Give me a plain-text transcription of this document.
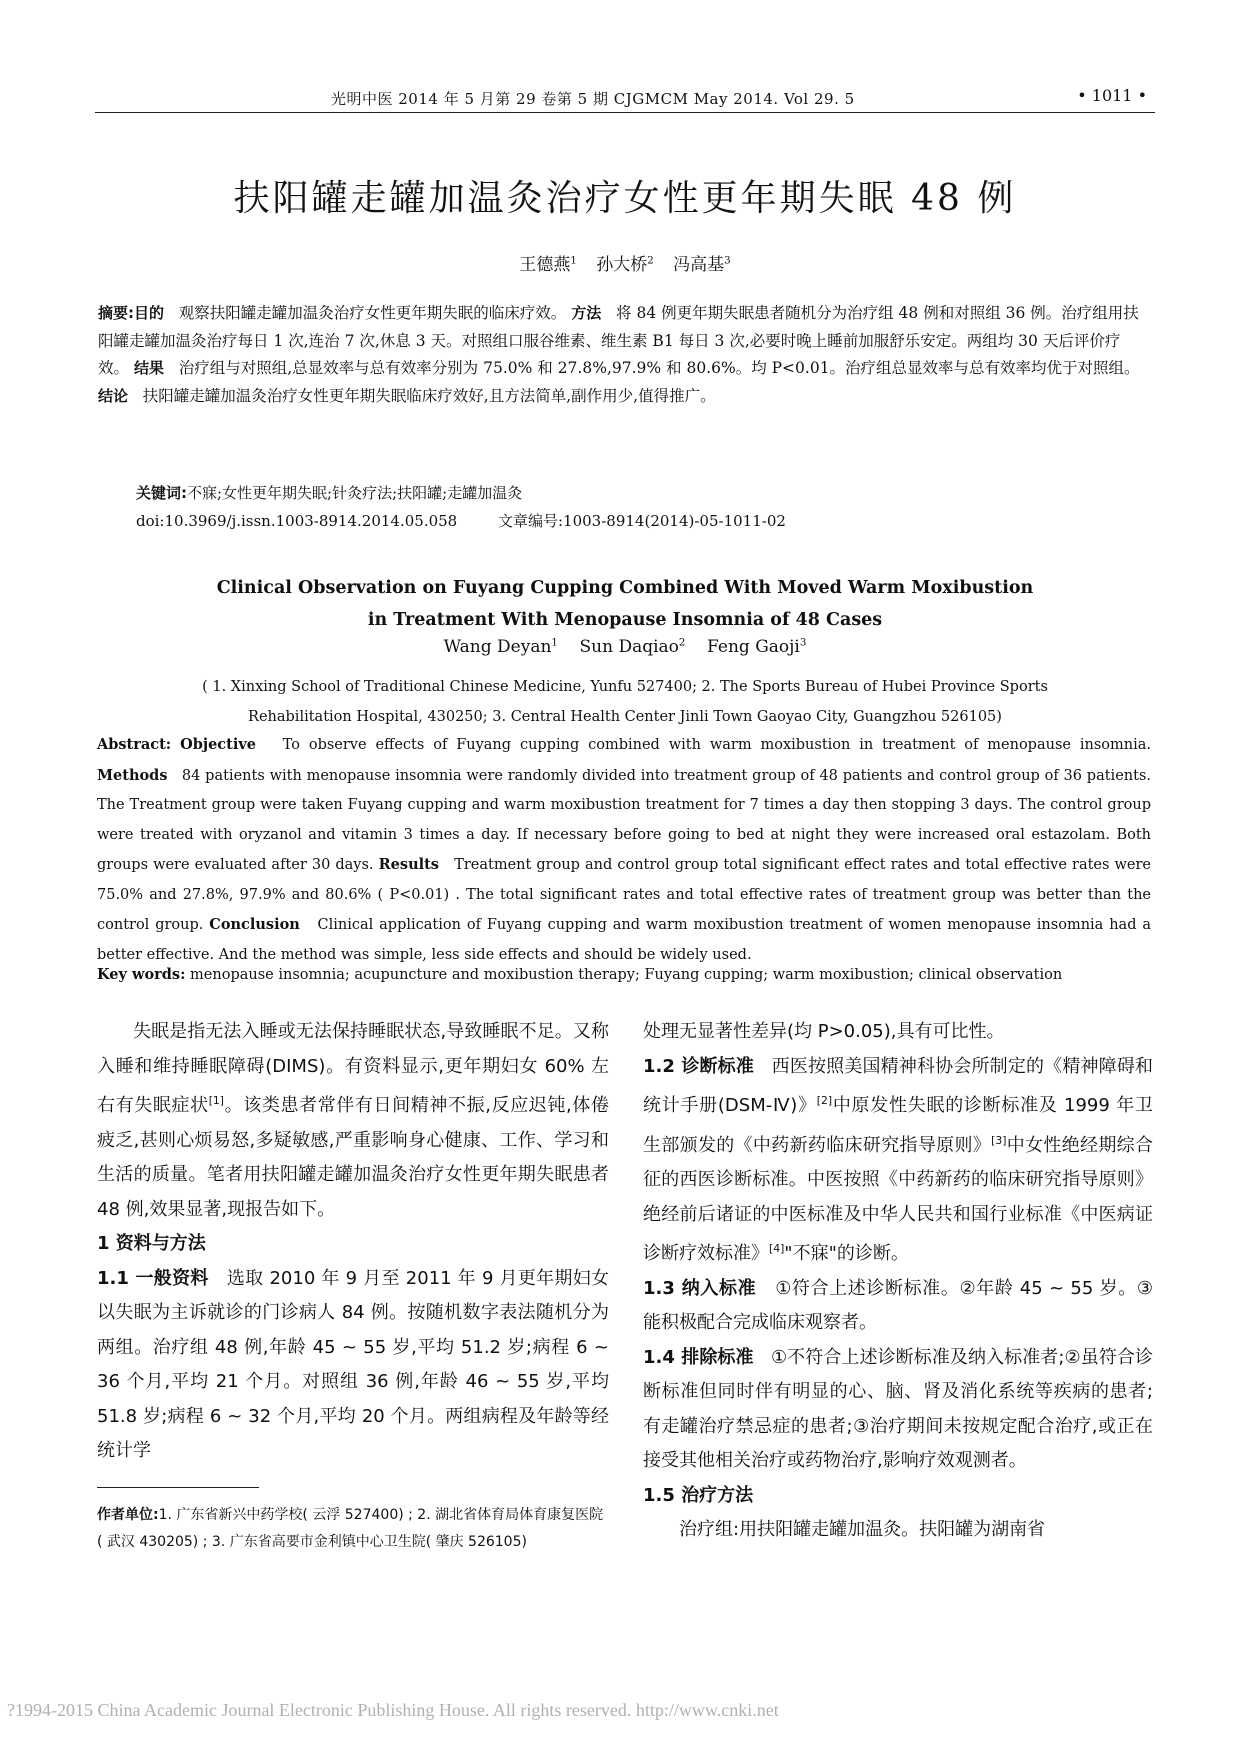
光明中医 2014 年 5 月第 29 卷第 5 期 CJGMCM May 2014. Vol 29. 5	• 1011 •
扶阳罐走罐加温灸治疗女性更年期失眠 48 例
王德燕$^1$ 孙大桥$^2$ 冯高基$^3$
摘要:目的 观察扶阳罐走罐加温灸治疗女性更年期失眠的临床疗效。 方法 将 84 例更年期失眠患者随机分为治疗组 48 例和对照组 36 例。治疗组用扶阳罐走罐加温灸治疗每日 1 次,连治 7 次,休息 3 天。对照组口服谷维素、维生素 B1 每日 3 次,必要时晚上睡前加服舒乐安定。两组均 30 天后评价疗效。 结果 治疗组与对照组,总显效率与总有效率分别为 75.0% 和 27.8%,97.9% 和 80.6%。均 P<0.01。治疗组总显效率与总有效率均优于对照组。 结论 扶阳罐走罐加温灸治疗女性更年期失眠临床疗效好,且方法简单,副作用少,值得推广。
关键词:不寐;女性更年期失眠;针灸疗法;扶阳罐;走罐加温灸
doi:10.3969/j.issn.1003-8914.2014.05.058	文章编号:1003-8914(2014)-05-1011-02
Clinical Observation on Fuyang Cupping Combined With Moved Warm Moxibustion
in Treatment With Menopause Insomnia of 48 Cases
Wang Deyan$^1$ Sun Daqiao$^2$ Feng Gaoji$^3$
( 1. Xinxing School of Traditional Chinese Medicine, Yunfu 527400; 2. The Sports Bureau of Hubei Province Sports
Rehabilitation Hospital, 430250; 3. Central Health Center Jinli Town Gaoyao City, Guangzhou 526105)
Abstract: Objective To observe effects of Fuyang cupping combined with warm moxibustion in treatment of menopause insomnia. Methods 84 patients with menopause insomnia were randomly divided into treatment group of 48 patients and control group of 36 patients. The Treatment group were taken Fuyang cupping and warm moxibustion treatment for 7 times a day then stopping 3 days. The control group were treated with oryzanol and vitamin 3 times a day. If necessary before going to bed at night they were increased oral estazolam. Both groups were evaluated after 30 days. Results Treatment group and control group total significant effect rates and total effective rates were 75.0% and 27.8%, 97.9% and 80.6% ( P<0.01) . The total significant rates and total effective rates of treatment group was better than the control group. Conclusion Clinical application of Fuyang cupping and warm moxibustion treatment of women menopause insomnia had a better effective. And the method was simple, less side effects and should be widely used.
Key words: menopause insomnia; acupuncture and moxibustion therapy; Fuyang cupping; warm moxibustion; clinical observation

失眠是指无法入睡或无法保持睡眠状态,导致睡眠不足。又称入睡和维持睡眠障碍(DIMS)。有资料显示,更年期妇女 60% 左右有失眠症状[1]。该类患者常伴有日间精神不振,反应迟钝,体倦疲乏,甚则心烦易怒,多疑敏感,严重影响身心健康、工作、学习和生活的质量。笔者用扶阳罐走罐加温灸治疗女性更年期失眠患者 48 例,效果显著,现报告如下。

1 资料与方法

1.1 一般资料 选取 2010 年 9 月至 2011 年 9 月更年期妇女以失眠为主诉就诊的门诊病人 84 例。按随机数字表法随机分为两组。治疗组 48 例,年龄 45 ~ 55 岁,平均 51.2 岁;病程 6 ~ 36 个月,平均 21 个月。对照组 36 例,年龄 46 ~ 55 岁,平均 51.8 岁;病程 6 ~ 32 个月,平均 20 个月。两组病程及年龄等经统计学

作者单位:1. 广东省新兴中药学校( 云浮 527400) ; 2. 湖北省体育局体育康复医院( 武汉 430205) ; 3. 广东省高要市金利镇中心卫生院( 肇庆 526105)

处理无显著性差异(均 P>0.05),具有可比性。

1.2 诊断标准 西医按照美国精神科协会所制定的《精神障碍和统计手册(DSM-Ⅳ)》[2]中原发性失眠的诊断标准及 1999 年卫生部颁发的《中药新药临床研究指导原则》[3]中女性绝经期综合征的西医诊断标准。中医按照《中药新药的临床研究指导原则》绝经前后诸证的中医标准及中华人民共和国行业标准《中医病证诊断疗效标准》[4]"不寐"的诊断。

1.3 纳入标准 ①符合上述诊断标准。②年龄 45 ~ 55 岁。③能积极配合完成临床观察者。

1.4 排除标准 ①不符合上述诊断标准及纳入标准者;②虽符合诊断标准但同时伴有明显的心、脑、肾及消化系统等疾病的患者;有走罐治疗禁忌症的患者;③治疗期间未按规定配合治疗,或正在接受其他相关治疗或药物治疗,影响疗效观测者。

1.5 治疗方法

治疗组:用扶阳罐走罐加温灸。扶阳罐为湖南省

?1994-2015 China Academic Journal Electronic Publishing House. All rights reserved. http://www.cnki.net
